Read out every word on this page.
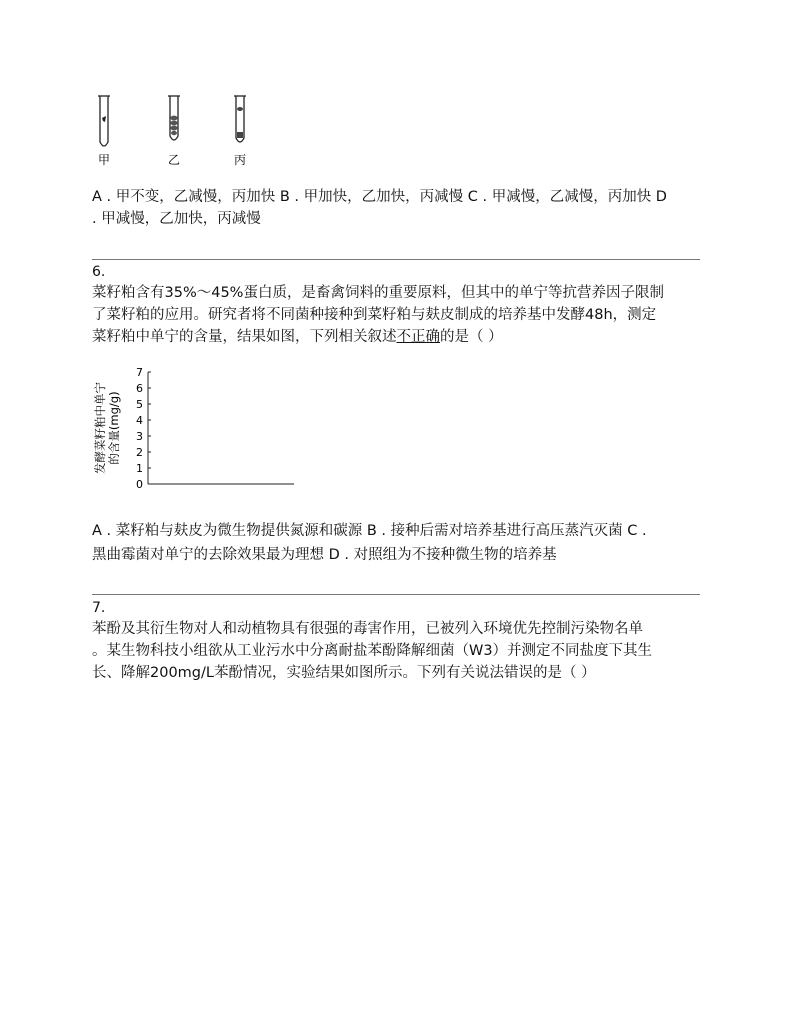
甲	乙	丙
A . 甲不变，乙减慢，丙加快 B . 甲加快，乙加快，丙减慢 C . 甲减慢，乙减慢，丙加快 D
. 甲减慢，乙加快，丙减慢
6.
菜籽粕含有35%～45%蛋白质，是畜禽饲料的重要原料，但其中的单宁等抗营养因子限制
了菜籽粕的应用。研究者将不同菌种接种到菜籽粕与麸皮制成的培养基中发酵48h，测定
菜籽粕中单宁的含量，结果如图，下列相关叙述不正确的是（ ）
0
1
2
3
4
5
6
7
发酵菜籽粕中单宁的含量(mg/g)
A . 菜籽粕与麸皮为微生物提供氮源和碳源 B . 接种后需对培养基进行高压蒸汽灭菌 C .
黑曲霉菌对单宁的去除效果最为理想 D . 对照组为不接种微生物的培养基
7.
苯酚及其衍生物对人和动植物具有很强的毒害作用，已被列入环境优先控制污染物名单
。某生物科技小组欲从工业污水中分离耐盐苯酚降解细菌（W3）并测定不同盐度下其生
长、降解200mg/L苯酚情况，实验结果如图所示。下列有关说法错误的是（ ）
